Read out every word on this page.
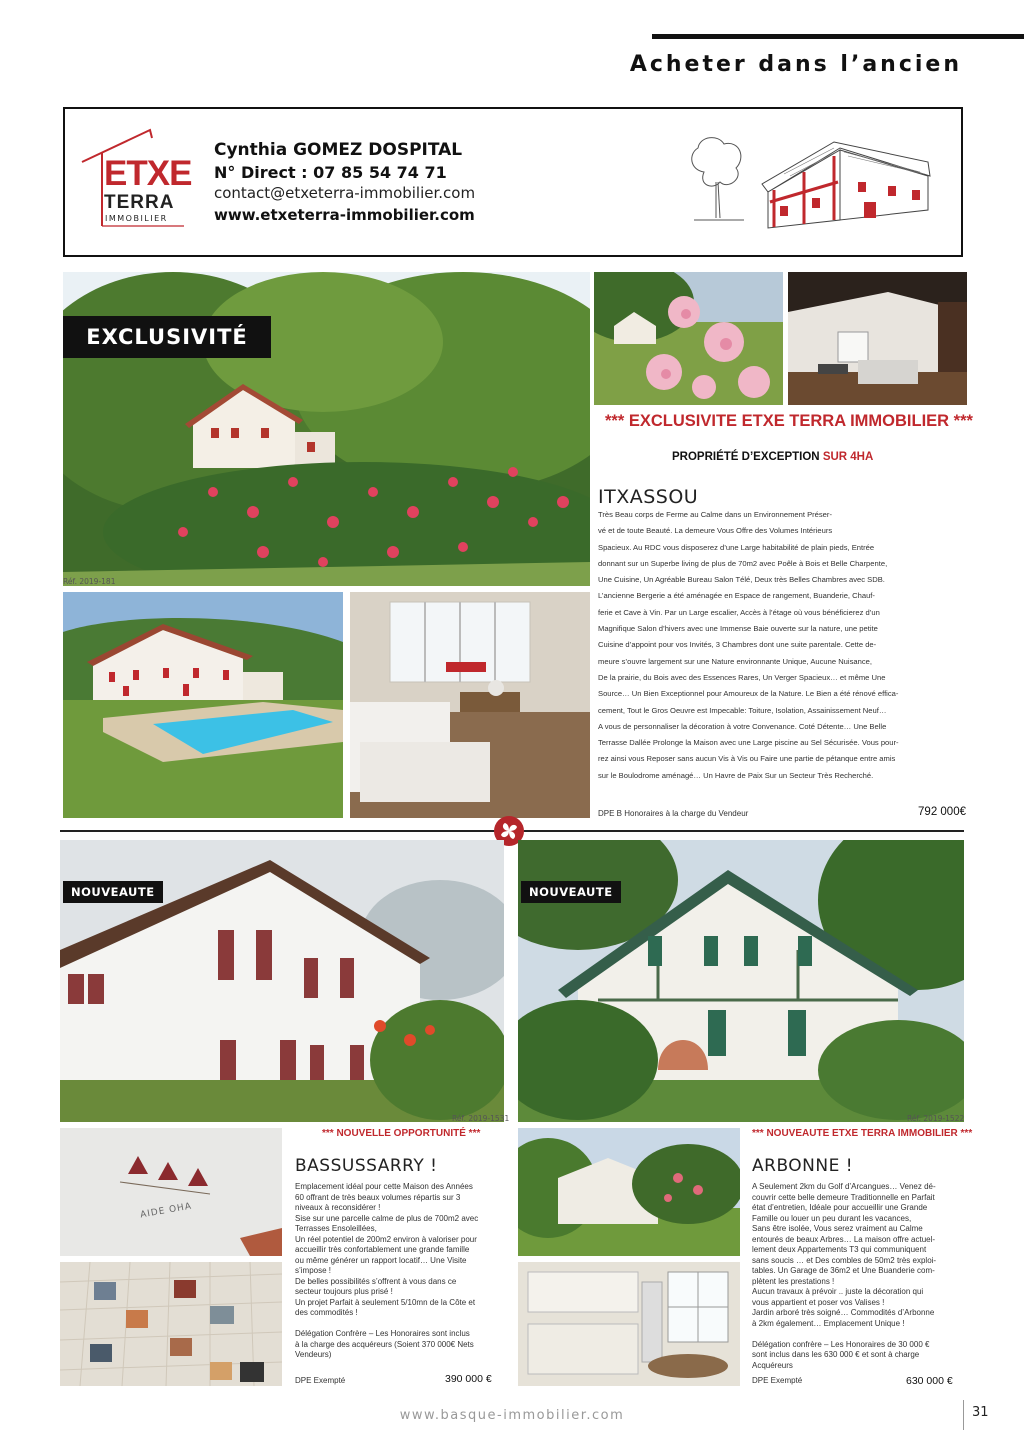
Acheter dans l’ancien
ETXE
TERRA
IMMOBILIER
Cynthia GOMEZ DOSPITAL
N° Direct : 07 85 54 74 71
contact@etxeterra-immobilier.com
www.etxeterra-immobilier.com
EXCLUSIVITÉ
Réf. 2019-181
*** EXCLUSIVITE ETXE TERRA IMMOBILIER ***
PROPRIÉTÉ D’EXCEPTION SUR 4HA
ITXASSOU
Très Beau corps de Ferme au Calme dans un Environnement Préser-
vé et de toute Beauté. La demeure Vous Offre des Volumes Intérieurs
Spacieux. Au RDC vous disposerez d’une Large habitabilité de plain pieds, Entrée
donnant sur un Superbe living de plus de 70m2 avec Poêle à Bois et Belle Charpente,
Une Cuisine, Un Agréable Bureau Salon Télé, Deux très Belles Chambres avec SDB.
L’ancienne Bergerie a été aménagée en Espace de rangement, Buanderie, Chauf-
ferie et Cave à Vin. Par un Large escalier, Accès à l’étage où vous bénéficierez d’un
Magnifique Salon d’hivers avec une Immense Baie ouverte sur la nature, une petite
Cuisine d’appoint pour vos Invités, 3 Chambres dont une suite parentale. Cette de-
meure s’ouvre largement sur une Nature environnante Unique, Aucune Nuisance,
De la prairie, du Bois avec des Essences Rares, Un Verger Spacieux… et même Une
Source… Un Bien Exceptionnel pour Amoureux de la Nature. Le Bien a été rénové effica-
cement, Tout le Gros Oeuvre est Impecable: Toiture, Isolation, Assainissement Neuf…
A vous de personnaliser la décoration à votre Convenance. Coté Détente… Une Belle
Terrasse Dallée Prolonge la Maison avec une Large piscine au Sel Sécurisée. Vous pour-
rez ainsi vous Reposer sans aucun Vis à Vis ou Faire une partie de pétanque entre amis
sur le Boulodrome aménagé… Un Havre de Paix Sur un Secteur Très Recherché.
DPE B Honoraires à la charge du Vendeur	792 000€
NOUVEAUTE
Réf. 2019-1531
AIDE OHA
*** NOUVELLE OPPORTUNITÉ ***
BASSUSSARRY !
Emplacement idéal pour cette Maison des Années
60 offrant de très beaux volumes répartis sur 3
niveaux à reconsidérer !
Sise sur une parcelle calme de plus de 700m2 avec
Terrasses Ensoleillées,
Un réel potentiel de 200m2 environ à valoriser pour
accueillir très confortablement une grande famille
ou même générer un rapport locatif… Une Visite
s’impose !
De belles possibilités s’offrent à vous dans ce
secteur toujours plus prisé !
Un projet Parfait à seulement 5/10mn de la Côte et
des commodités !

Délégation Confrère – Les Honoraires sont inclus
à la charge des acquéreurs (Soient 370 000€ Nets
Vendeurs)
DPE Exempté	390 000 €
NOUVEAUTE
Réf. 2019-1522
*** NOUVEAUTE ETXE TERRA IMMOBILIER ***
ARBONNE !
A Seulement 2km du Golf d’Arcangues… Venez dé-
couvrir cette belle demeure Traditionnelle en Parfait
état d’entretien, Idéale pour accueillir une Grande
Famille ou louer un peu durant les vacances,
Sans être isolée, Vous serez vraiment au Calme
entourés de beaux Arbres… La maison offre actuel-
lement deux Appartements T3 qui communiquent
sans soucis … et Des combles de 50m2 très exploi-
tables. Un Garage de 36m2 et Une Buanderie com-
plètent les prestations !
Aucun travaux à prévoir .. juste la décoration qui
vous appartient et poser vos Valises !
Jardin arboré très soigné… Commodités d’Arbonne
à 2km également… Emplacement Unique !

Délégation confrère – Les Honoraires de 30 000 €
sont inclus dans les 630 000 € et sont à charge
Acquéreurs
DPE Exempté	630 000 €
www.basque-immobilier.com	31
